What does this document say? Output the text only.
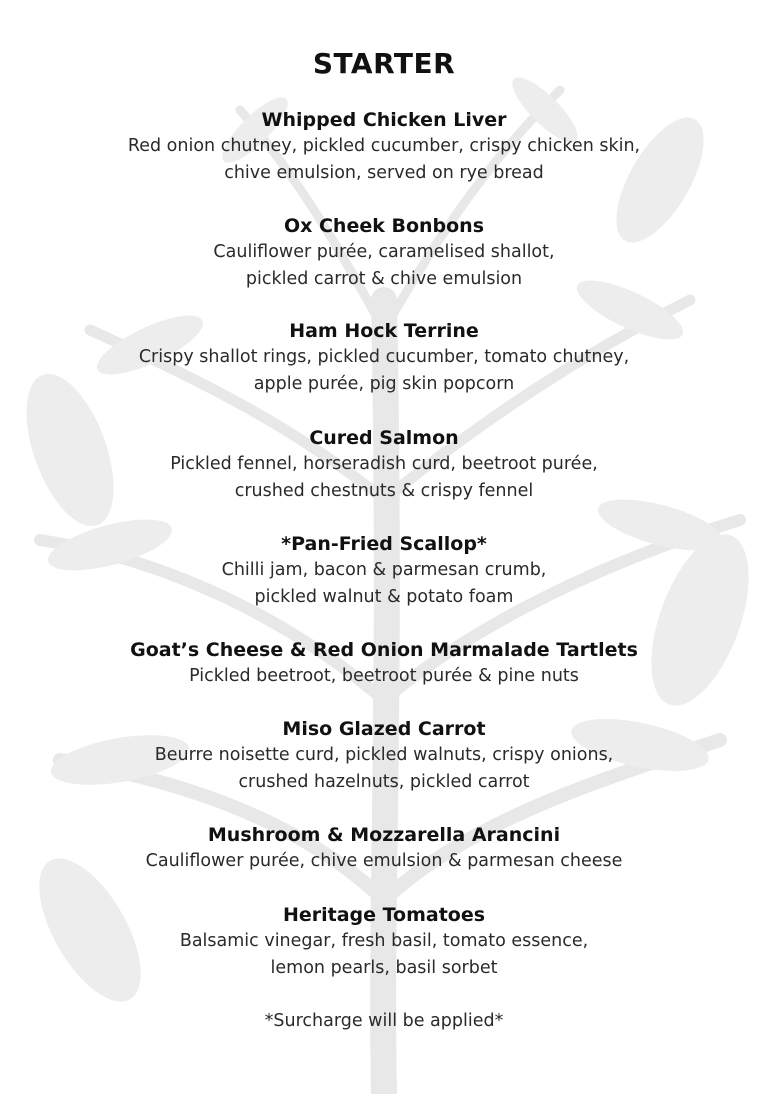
STARTER
Whipped Chicken Liver
Red onion chutney, pickled cucumber, crispy chicken skin,
chive emulsion, served on rye bread
Ox Cheek Bonbons
Cauliflower purée, caramelised shallot,
pickled carrot & chive emulsion
Ham Hock Terrine
Crispy shallot rings, pickled cucumber, tomato chutney,
apple purée, pig skin popcorn
Cured Salmon
Pickled fennel, horseradish curd, beetroot purée,
crushed chestnuts & crispy fennel
*Pan-Fried Scallop*
Chilli jam, bacon & parmesan crumb,
pickled walnut & potato foam
Goat’s Cheese & Red Onion Marmalade Tartlets
Pickled beetroot, beetroot purée & pine nuts
Miso Glazed Carrot
Beurre noisette curd, pickled walnuts, crispy onions,
crushed hazelnuts, pickled carrot
Mushroom & Mozzarella Arancini
Cauliflower purée, chive emulsion & parmesan cheese
Heritage Tomatoes
Balsamic vinegar, fresh basil, tomato essence,
lemon pearls, basil sorbet
*Surcharge will be applied*
